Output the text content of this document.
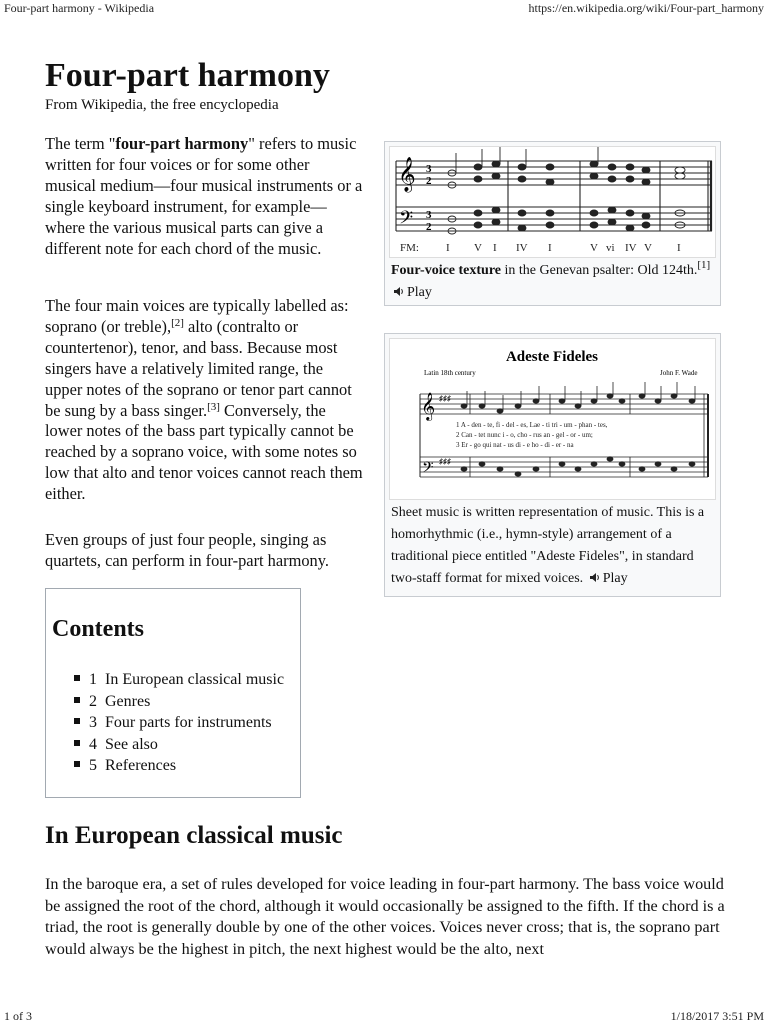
Four-part harmony - Wikipedia	https://en.wikipedia.org/wiki/Four-part_harmony
Four-part harmony
From Wikipedia, the free encyclopedia

The term "four-part harmony" refers to music written for four voices or for some other musical medium—four musical instruments or a single keyboard instrument, for example—where the various musical parts can give a different note for each chord of the music.

The four main voices are typically labelled as: soprano (or treble),[2] alto (contralto or countertenor), tenor, and bass. Because most singers have a relatively limited range, the upper notes of the soprano or tenor part cannot be sung by a bass singer.[3] Conversely, the lower notes of the bass part typically cannot be reached by a soprano voice, with some notes so low that alto and tenor voices cannot reach them either.

Even groups of just four people, singing as quartets, can perform in four-part harmony.

𝄞
𝄢
3
2
3
2
FM: I V I IV I	V vi IV V I
Four-voice texture in the Genevan psalter: Old 124th.[1] Play
Adeste Fideles
Latin 18th century	John F. Wade
𝄞
𝄢
♯♯♯
♯♯♯
1 A - den - te, fi - del - es, Lae - ti tri - um - phan - tes,
2 Can - tet nunc i - o, cho - rus an - gel - or - um;
3 Er - go qui nat - us di - e ho - di - er - na
Sheet music is written representation of music. This is a homorhythmic (i.e., hymn-style) arrangement of a traditional piece entitled "Adeste Fideles", in standard two-staff format for mixed voices. Play
Contents
1 In European classical music
2 Genres
3 Four parts for instruments
4 See also
5 References
In European classical music

In the baroque era, a set of rules developed for voice leading in four-part harmony. The bass voice would be assigned the root of the chord, although it would occasionally be assigned to the fifth. If the chord is a triad, the root is generally double by one of the other voices. Voices never cross; that is, the soprano part would always be the highest in pitch, the next highest would be the alto, next

1 of 3	1/18/2017 3:51 PM
